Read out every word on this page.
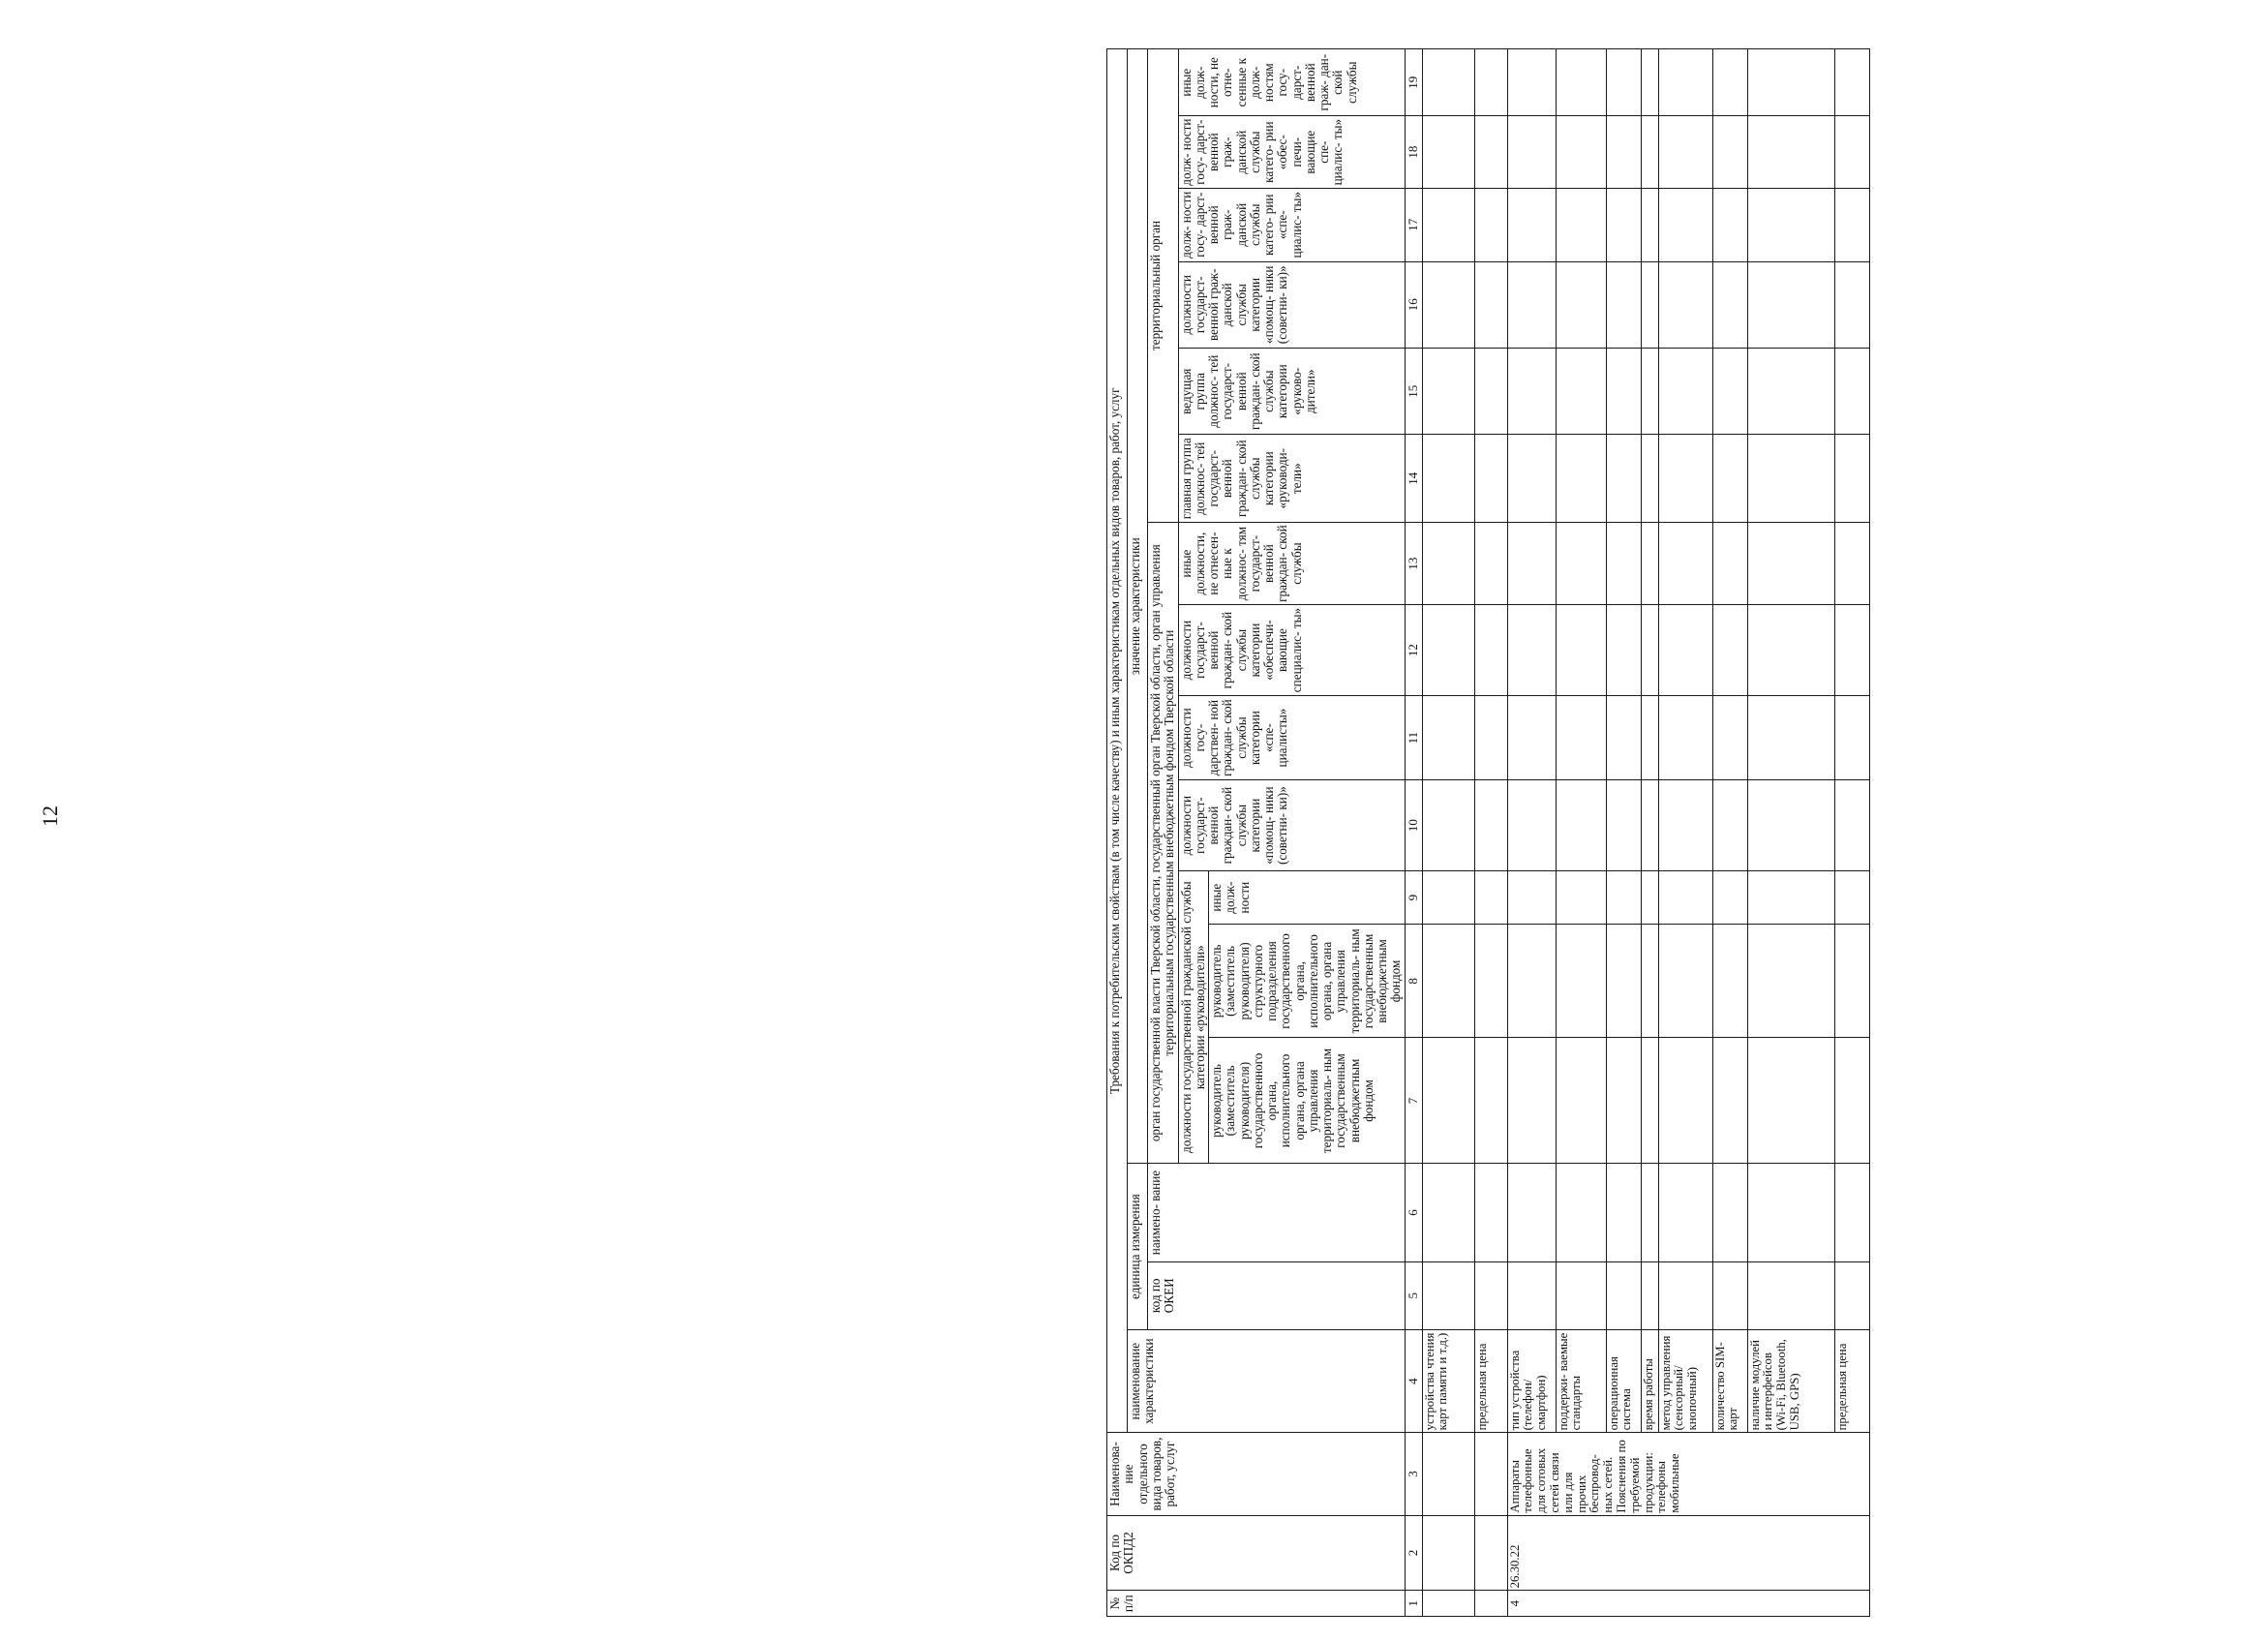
12
№ п/п	Код по ОКПД2	Наименова- ние отдельного вида товаров, работ, услуг	Требования к потребительским свойствам (в том числе качеству) и иным характеристикам отдельных видов товаров, работ, услуг															
			наименование характеристики	единица измерения		значение характеристики												
				код по ОКЕИ	наимено- вание	орган государственной власти Тверской области, государственный орган Тверской области, орган управления территориальным государственным внебюджетным фондом Тверской области							территориальный орган					
						должности государственной гражданской службы категории «руководители»			должности государст- венной граждан- ской службы категории «помощ- ники (советни- ки)»	должности госу- дарствен- ной граждан- ской службы категории «спе- циалисты»	должности государст- венной граждан- ской службы категории «обеспечи- вающие специалис- ты»	иные должности, не отнесен- ные к должнос- тям государст- венной граждан- ской службы						
													главная группа должнос- тей государст- венной граждан- ской службы категории «руководи- тели»	ведущая группа должнос- тей государст- венной граждан- ской службы категории «руково- дители»	должности государст- венной граж- данской службы категории «помощ- ники (советни- ки)»	долж- ности госу- дарст- венной граж- данской службы катего- рии «спе- циалис- ты»	долж- ности госу- дарст- венной граж- данской службы катего- рии «обес- печи- вающие спе- циалис- ты»	иные долж- ности, не отне- сенные к долж- ностям госу- дарст- венной граж- дан- ской службы
						руководитель (заместитель руководителя) государственного органа, исполнительного органа, органа управления территориаль- ным государственным внебюджетным фондом	руководитель (заместитель руководителя) структурного подразделения государственного органа, исполнительного органа, органа управления территориаль- ным государственным внебюджетным фондом	иные долж- ности										
1	2	3	4	5	6	7	8	9	10	11	12	13	14	15	16	17	18	19
			устройства чтения карт памяти и т.д.)															
			предельная цена															
4	26.30.22	Аппараты телефонные для сотовых сетей связи или для прочих беспровод- ных сетей. Пояснения по требуемой продукции: телефоны мобильные	тип устройства (телефон/ смартфон)															
			поддержи- ваемые стандарты															
			операционная система															
			время работы															
			метод управления (сенсорный/ кнопочный)															
			количество SIM-карт															
			наличие модулей и интерфейсов (Wi-Fi, Bluetooth, USB, GPS)															
			предельная цена															
